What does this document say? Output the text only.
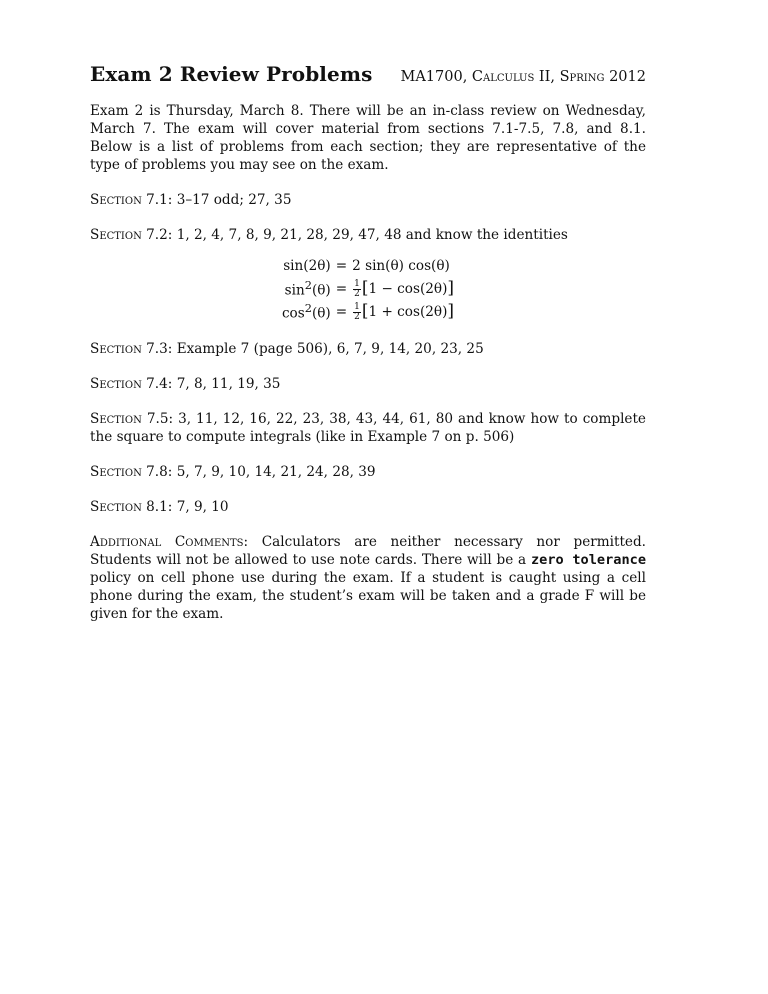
Exam 2 Review Problems MA1700, Calculus II, Spring 2012

Exam 2 is Thursday, March 8. There will be an in-class review on Wednesday, March 7. The exam will cover material from sections 7.1-7.5, 7.8, and 8.1. Below is a list of problems from each section; they are representative of the type of problems you may see on the exam.

Section 7.1: 3–17 odd; 27, 35

Section 7.2: 1, 2, 4, 7, 8, 9, 21, 28, 29, 47, 48 and know the identities

sin(2θ)	=	2 sin(θ) cos(θ)
$\sin^2(\theta)$	=	$\frac{1}{2} [1 - \cos(2\theta)]$
$\cos^2(\theta)$	=	$\frac{1}{2} [1 + \cos(2\theta)]$

Section 7.3: Example 7 (page 506), 6, 7, 9, 14, 20, 23, 25

Section 7.4: 7, 8, 11, 19, 35

Section 7.5: 3, 11, 12, 16, 22, 23, 38, 43, 44, 61, 80 and know how to complete the square to compute integrals (like in Example 7 on p. 506)

Section 7.8: 5, 7, 9, 10, 14, 21, 24, 28, 39

Section 8.1: 7, 9, 10

Additional Comments: Calculators are neither necessary nor permitted. Students will not be allowed to use note cards. There will be a zero tolerance policy on cell phone use during the exam. If a student is caught using a cell phone during the exam, the student’s exam will be taken and a grade F will be given for the exam.
